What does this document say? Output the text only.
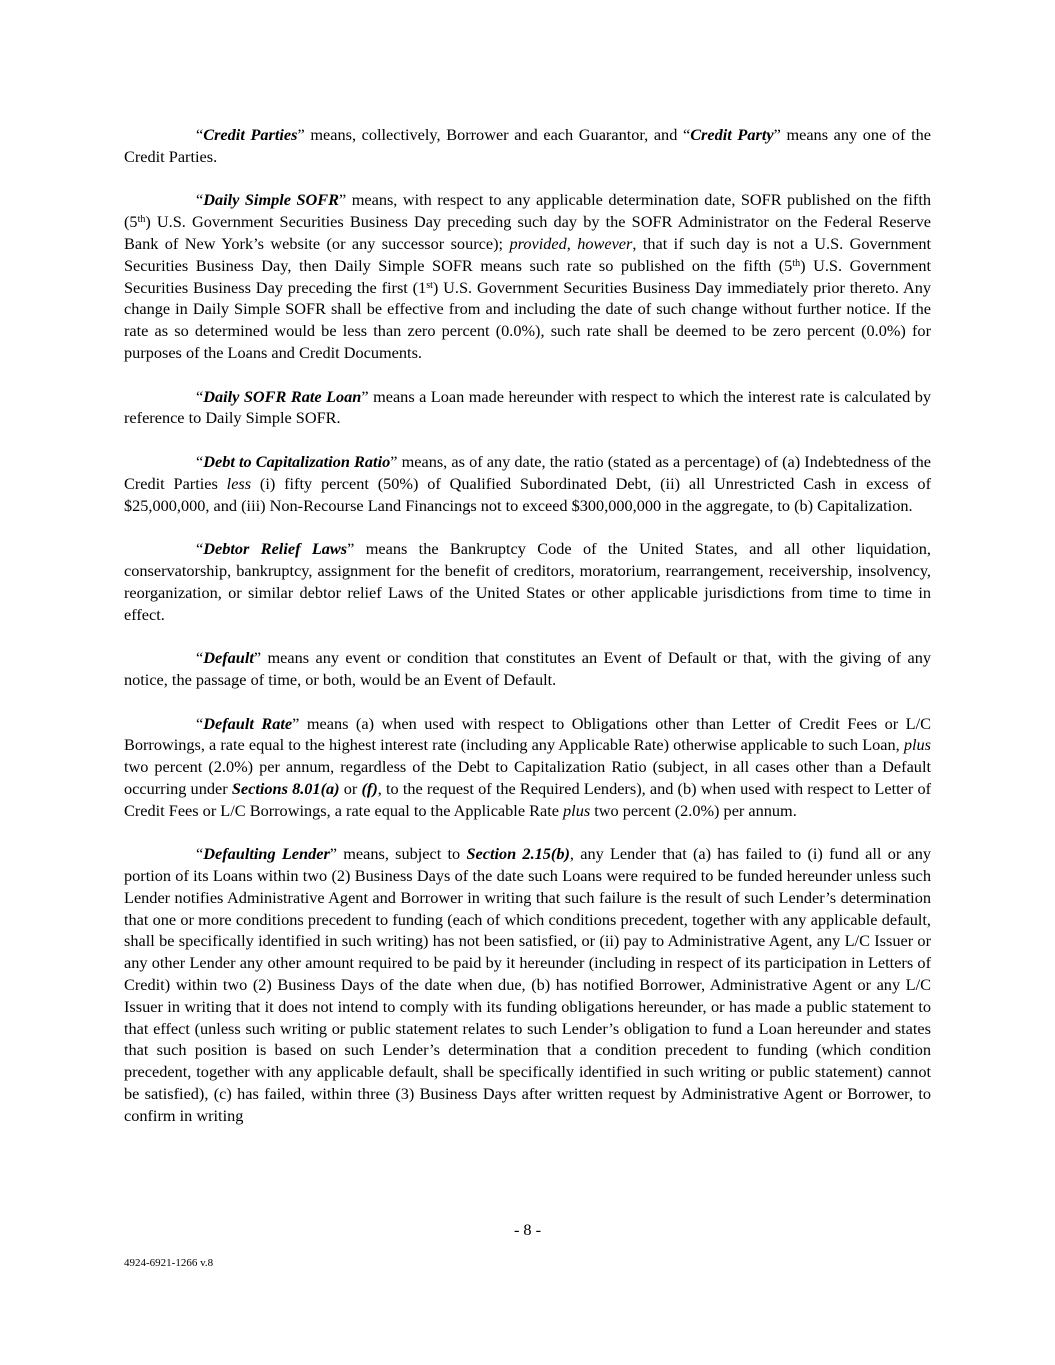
“Credit Parties” means, collectively, Borrower and each Guarantor, and “Credit Party” means any one of the Credit Parties.

“Daily Simple SOFR” means, with respect to any applicable determination date, SOFR published on the fifth (5th) U.S. Government Securities Business Day preceding such day by the SOFR Administrator on the Federal Reserve Bank of New York’s website (or any successor source); provided, however, that if such day is not a U.S. Government Securities Business Day, then Daily Simple SOFR means such rate so published on the fifth (5th) U.S. Government Securities Business Day preceding the first (1st) U.S. Government Securities Business Day immediately prior thereto. Any change in Daily Simple SOFR shall be effective from and including the date of such change without further notice. If the rate as so determined would be less than zero percent (0.0%), such rate shall be deemed to be zero percent (0.0%) for purposes of the Loans and Credit Documents.

“Daily SOFR Rate Loan” means a Loan made hereunder with respect to which the interest rate is calculated by reference to Daily Simple SOFR.

“Debt to Capitalization Ratio” means, as of any date, the ratio (stated as a percentage) of (a) Indebtedness of the Credit Parties less (i) fifty percent (50%) of Qualified Subordinated Debt, (ii) all Unrestricted Cash in excess of $25,000,000, and (iii) Non-Recourse Land Financings not to exceed $300,000,000 in the aggregate, to (b) Capitalization.

“Debtor Relief Laws” means the Bankruptcy Code of the United States, and all other liquidation, conservatorship, bankruptcy, assignment for the benefit of creditors, moratorium, rearrangement, receivership, insolvency, reorganization, or similar debtor relief Laws of the United States or other applicable jurisdictions from time to time in effect.

“Default” means any event or condition that constitutes an Event of Default or that, with the giving of any notice, the passage of time, or both, would be an Event of Default.

“Default Rate” means (a) when used with respect to Obligations other than Letter of Credit Fees or L/C Borrowings, a rate equal to the highest interest rate (including any Applicable Rate) otherwise applicable to such Loan, plus two percent (2.0%) per annum, regardless of the Debt to Capitalization Ratio (subject, in all cases other than a Default occurring under Sections 8.01(a) or (f), to the request of the Required Lenders), and (b) when used with respect to Letter of Credit Fees or L/C Borrowings, a rate equal to the Applicable Rate plus two percent (2.0%) per annum.

“Defaulting Lender” means, subject to Section 2.15(b), any Lender that (a) has failed to (i) fund all or any portion of its Loans within two (2) Business Days of the date such Loans were required to be funded hereunder unless such Lender notifies Administrative Agent and Borrower in writing that such failure is the result of such Lender’s determination that one or more conditions precedent to funding (each of which conditions precedent, together with any applicable default, shall be specifically identified in such writing) has not been satisfied, or (ii) pay to Administrative Agent, any L/C Issuer or any other Lender any other amount required to be paid by it hereunder (including in respect of its participation in Letters of Credit) within two (2) Business Days of the date when due, (b) has notified Borrower, Administrative Agent or any L/C Issuer in writing that it does not intend to comply with its funding obligations hereunder, or has made a public statement to that effect (unless such writing or public statement relates to such Lender’s obligation to fund a Loan hereunder and states that such position is based on such Lender’s determination that a condition precedent to funding (which condition precedent, together with any applicable default, shall be specifically identified in such writing or public statement) cannot be satisfied), (c) has failed, within three (3) Business Days after written request by Administrative Agent or Borrower, to confirm in writing

- 8 -
4924-6921-1266 v.8
